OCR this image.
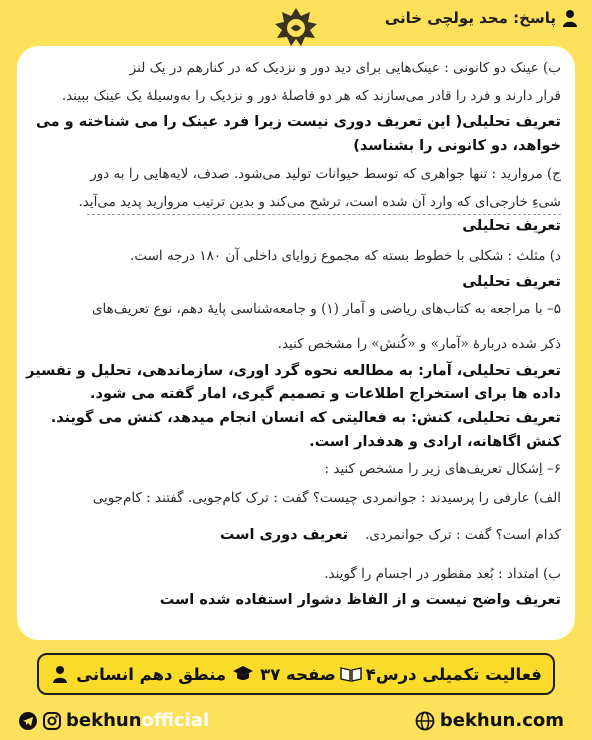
پاسخ: محد یولچی خانی
ب) عینک دو کانونی : عینک‌هایی برای دید دور و نزدیک که در کنارهم در یک لنز
قرار دارند و فرد را قادر می‌سازند که هر دو فاصلهٔ دور و نزدیک را به‌وسیلهٔ یک عینک ببیند.
تعریف تحلیلی( این تعریف دوری نیست زیرا فرد عینک را می شناخته و می
خواهد، دو کانونی را بشناسد)
ج) مروارید : تنها جواهری که توسط حیوانات تولید می‌شود. صدف، لایه‌هایی را به دور
شیءِ خارجی‌ای که وارد آن شده است، ترشح می‌کند و بدین ترتیب مروارید پدید می‌آید.
تعریف تحلیلی
د) مثلث : شکلی با خطوط بسته که مجموع زوایای داخلی آن ۱۸۰ درجه است.
تعریف تحلیلی
۵– با مراجعه به کتاب‌های ریاضی و آمار (۱) و جامعه‌شناسی پایهٔ دهم، نوع تعریف‌های
ذکر شده دربارهٔ «آمار» و «کُنش» را مشخص کنید.
تعریف تحلیلی، آمار: به مطالعه نحوه گرد اوری، سازماندهی، تحلیل و تفسیر
داده ها برای استخراج اطلاعات و تصمیم گیری، امار گفته می شود.
تعریف تحلیلی، کنش: به فعالیتی که انسان انجام میدهد، کنش می گویند.
کنش اگاهانه، ارادی و هدفدار است.
۶– اِشکال تعریف‌های زیر را مشخص کنید :
الف) عارفی را پرسیدند : جوانمردی چیست؟ گفت : ترک کام‌جویی. گفتند : کام‌جویی
کدام است؟ گفت : ترک جوانمردی. تعریف دوری است
ب) امتداد : بُعد مقطور در اجسام را گویند.
تعریف واضح نیست و از الفاظ دشوار استفاده شده است
فعالیت تکمیلی درس۴
صفحه ۳۷
منطق دهم انسانی
bekhun official	bekhun.com
